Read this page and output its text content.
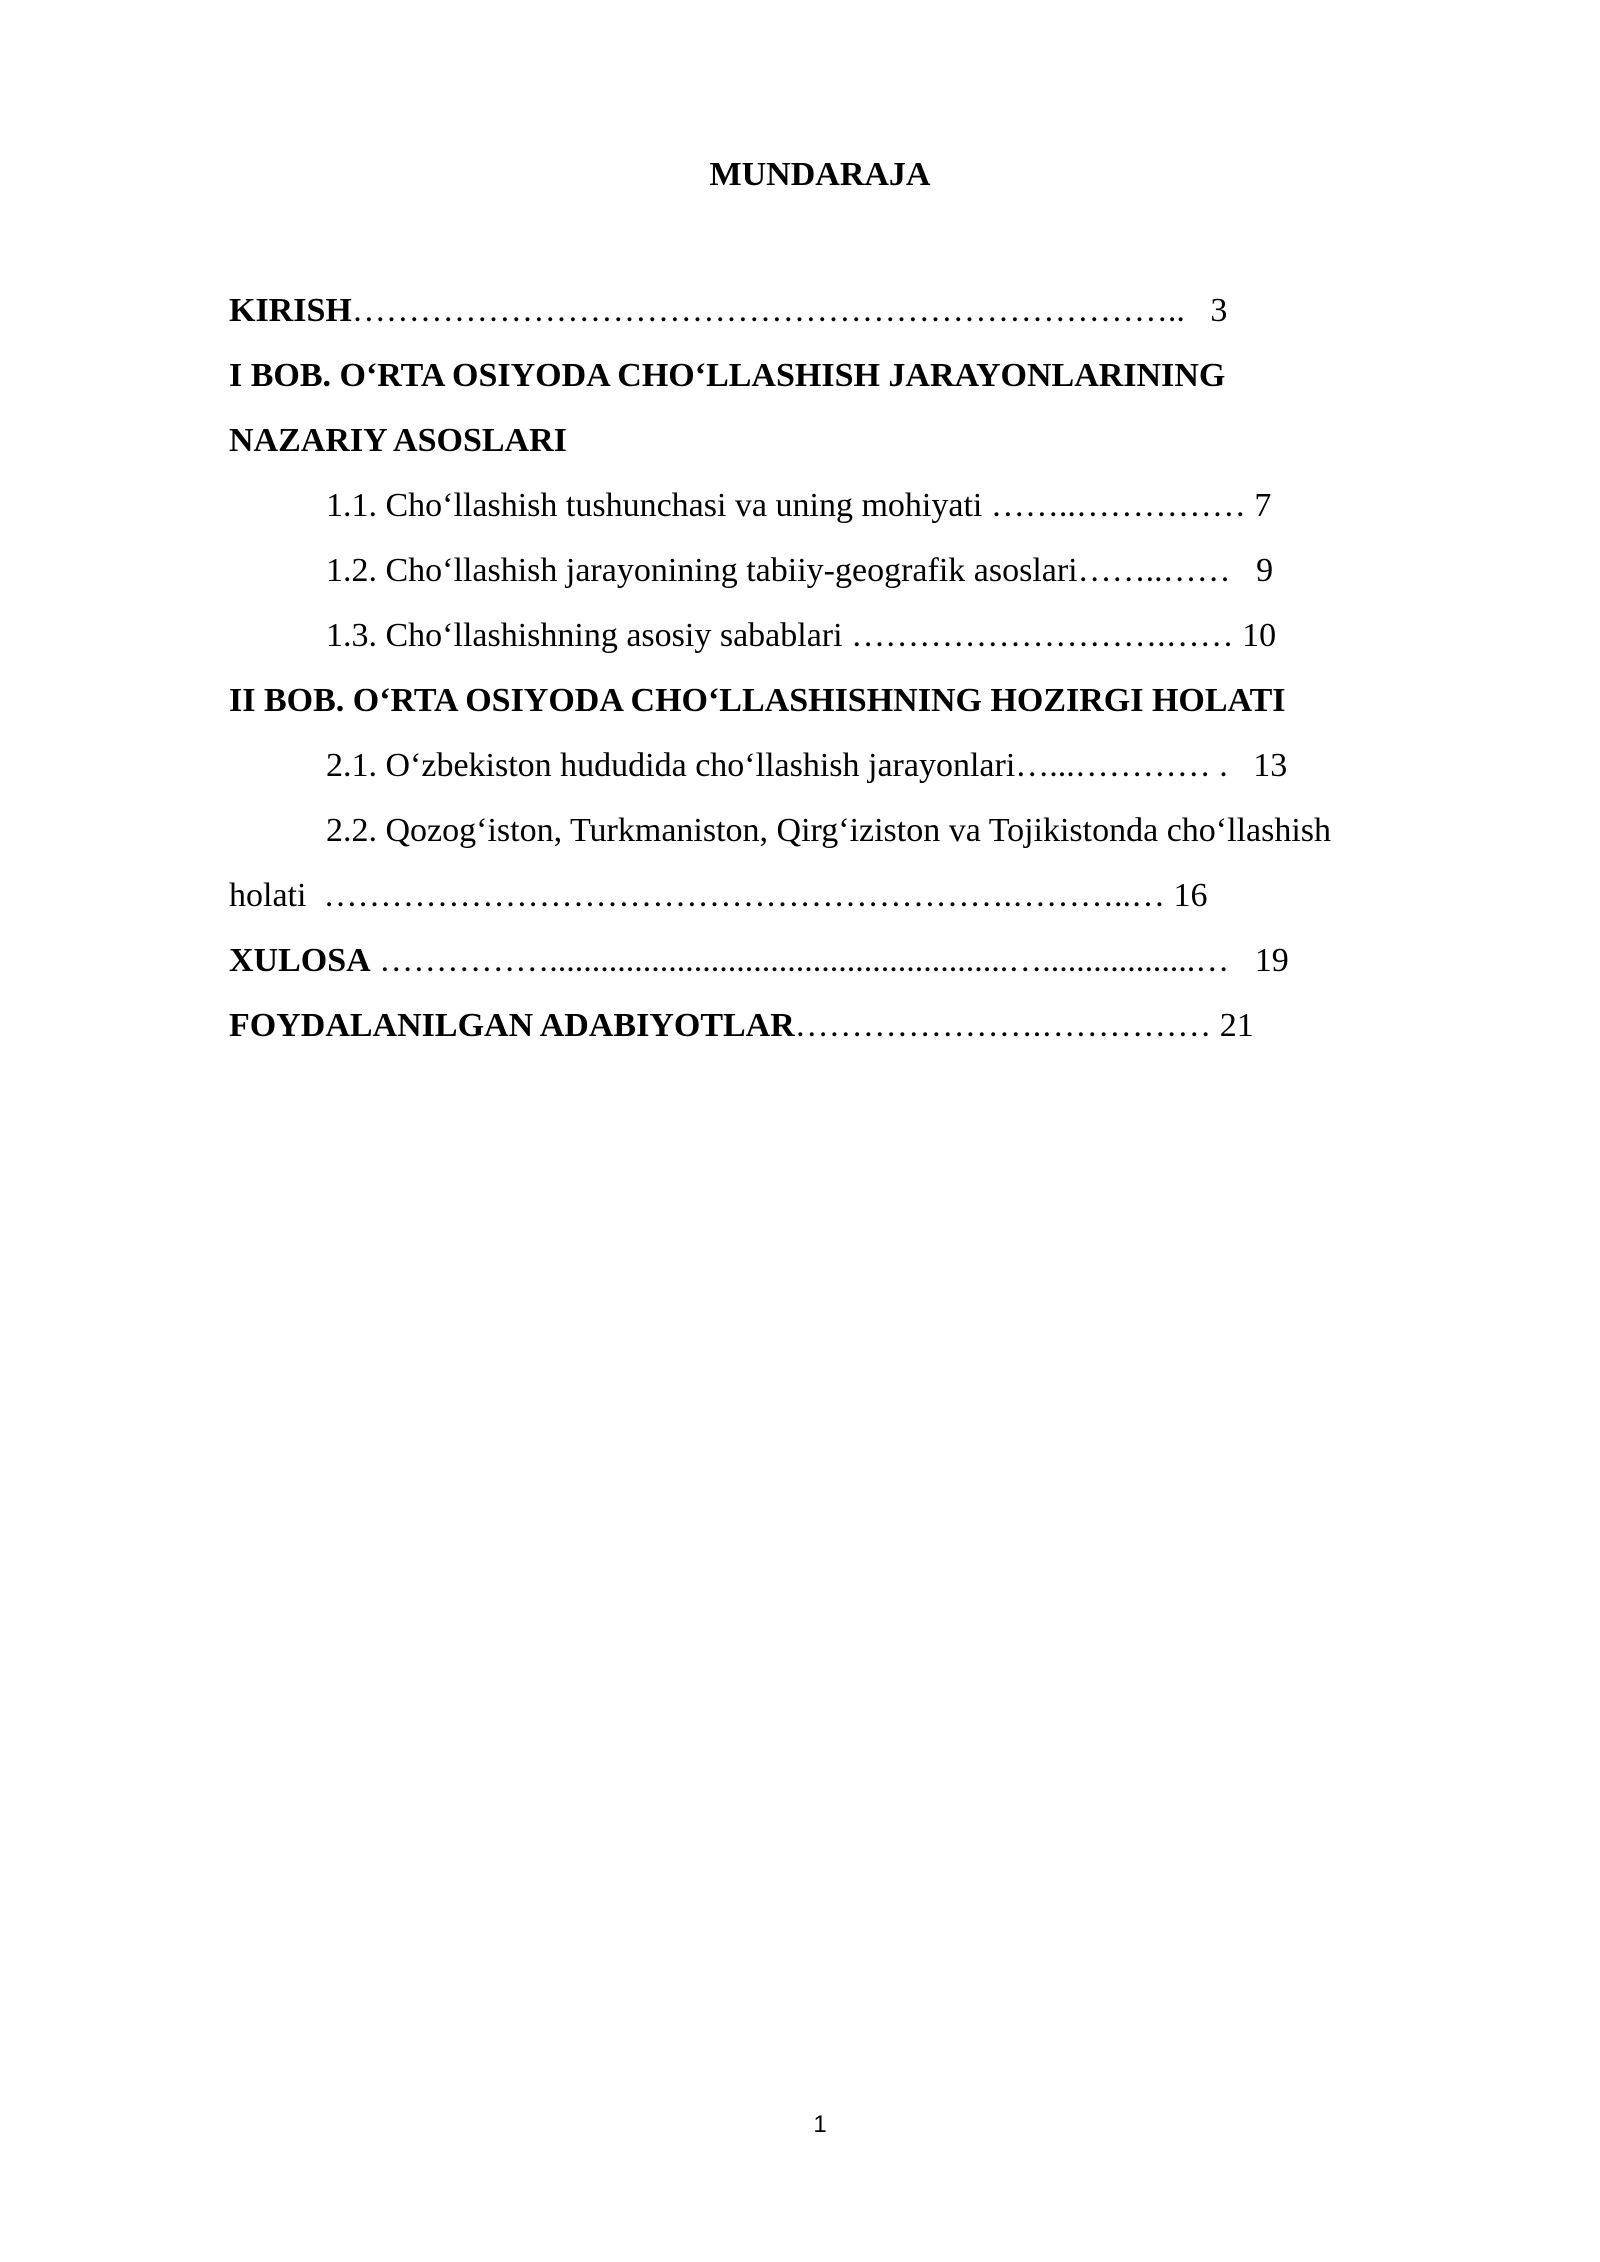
MUNDARAJA
KIRISH……………………………………………………………….. 3
I BOB. O‘RTA OSIYODA CHO‘LLASHISH JARAYONLARINING
NAZARIY ASOSLARI
1.1. Cho‘llashish tushunchasi va uning mohiyati ……..…………… 7
1.2. Cho‘llashish jarayonining tabiiy-geografik asoslari……..…… 9
1.3. Cho‘llashishning asosiy sabablari ……………………….…… 10
II BOB. O‘RTA OSIYODA CHO‘LLASHISHNING HOZIRGI HOLATI
2.1. O‘zbekiston hududida cho‘llashish jarayonlari…...………… . 13
2.2. Qozog‘iston, Turkmaniston, Qirg‘iziston va Tojikistonda cho‘llashish
holati …………………………………………………….………..… 16
XULOSA ……………......................................................…..................… 19
FOYDALANILGAN ADABIYOTLAR………………….…………… 21
1
